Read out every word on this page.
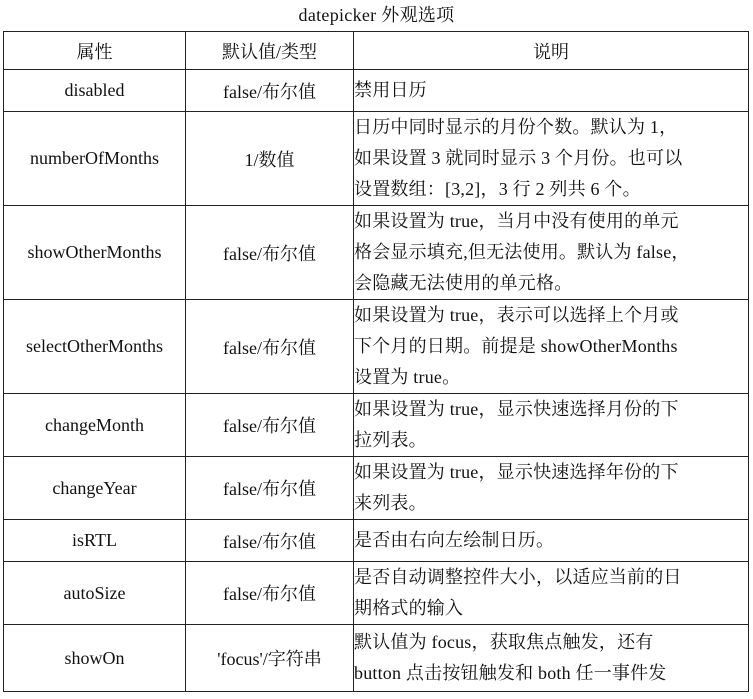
datepicker 外观选项
属性	默认值/类型	说明
disabled	false/布尔值	禁用日历

numberOfMonths	1/数值	日历中同时显示的月份个数。默认为 1，
如果设置 3 就同时显示 3 个月份。也可以
设置数组：[3,2]，3 行 2 列共 6 个。

showOtherMonths	false/布尔值	如果设置为 true，当月中没有使用的单元
格会显示填充,但无法使用。默认为 false，
会隐藏无法使用的单元格。

selectOtherMonths	false/布尔值	如果设置为 true，表示可以选择上个月或
下个月的日期。前提是 showOtherMonths
设置为 true。

changeMonth	false/布尔值	如果设置为 true，显示快速选择月份的下
拉列表。

changeYear	false/布尔值	如果设置为 true，显示快速选择年份的下
来列表。

isRTL	false/布尔值	是否由右向左绘制日历。

autoSize	false/布尔值	是否自动调整控件大小，以适应当前的日
期格式的输入

showOn	'focus'/字符串	默认值为 focus，获取焦点触发，还有
button 点击按钮触发和 both 任一事件发
